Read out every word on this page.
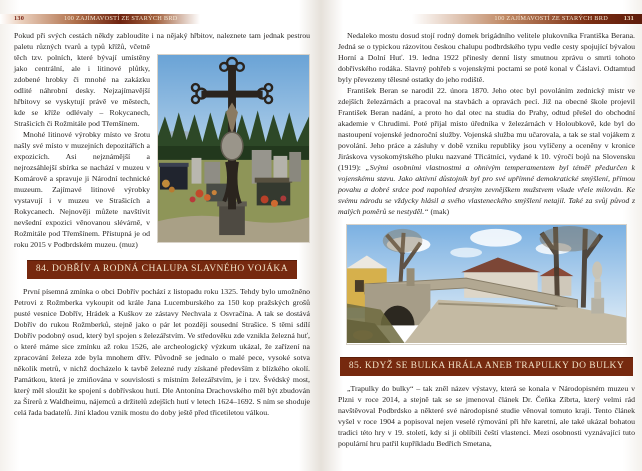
130	100 ZAJÍMAVOSTÍ ZE STARÝCH BRD

Pokud při svých cestách někdy zabloudíte i na nějaký hřbitov, naleznete tam jednak pestrou paletu různých tvarů a typů křížů, včetně těch tzv. polních, které bývají umístěny jako centrální, ale i litinové plůtky, zdobené hrobky či mnohé na zakázku odlité náhrobní desky. Nejzajímavější hřbitovy se vyskytují právě ve městech, kde se kříže odlévaly – Rokycanech, Strašicích či Rožmitále pod Třemšínem.

Mnohé litinové výrobky místo ve šrotu našly své místo v muzejních depozitářích a expozicích. Asi nejznámější a nejrozsáhlejší sbírka se nachází v muzeu v Komárově a spravuje ji Národní technické muzeum. Zajímavé litinové výrobky vystavují i v muzeu ve Strašicích a Rokycanech. Nejnověji můžete navštívit nevšední expozici věnovanou slévárně, v Rožmitále pod Třemšínem. Přístupná je od roku 2015 v Podbrdském muzeu. (muz)

84. DOBŘÍV A RODNÁ CHALUPA SLAVNÉHO VOJÁKA

První písemná zmínka o obci Dobřív pochází z listopadu roku 1325. Tehdy bylo umožněno Petrovi z Rožmberka vykoupit od krále Jana Lucemburského za 150 kop pražských grošů pusté vesnice Dobřív, Hrádek a Kuškov ze zástavy Nechvala z Osvračína. A tak se dostává Dobřív do rukou Rožmberků, stejně jako o pár let později sousední Strašice. S těmi sdílí Dobřív podobný osud, který byl spojen s železářstvím. Ve středověku zde vznikla železná huť, o které máme sice zmínku až roku 1526, ale archeologický výzkum ukázal, že zařízení na zpracování železa zde byla mnohem dřív. Původně se jednalo o malé pece, vysoké sotva několik metrů, v nichž docházelo k tavbě železné rudy získané především z blízkého okolí. Památkou, která je zmiňována v souvislosti s místním železářstvím, je i tzv. Švédský most, který měl sloužit ke spojení s dobřívskou hutí. Dle Antonína Drachovského měl být zbudován za Šírerů z Waldheimu, nájemců a držitelů zdejších hutí v letech 1624–1692. S ním se shoduje celá řada badatelů. Jiní kladou vznik mostu do doby ještě před třicetiletou válkou.

100 ZAJÍMAVOSTÍ ZE STARÝCH BRD	131

Nedaleko mostu dosud stojí rodný domek brigádního velitele plukovníka Františka Berana. Jedná se o typickou rázovitou českou chalupu podbrdského typu vedle cesty spojující bývalou Horní a Dolní Huť. 19. ledna 1922 přinesly denní listy smutnou zprávu o smrti tohoto dobřívského rodáka. Slavný pohřeb s vojenskými poctami se poté konal v Čáslavi. Odtamtud byly převezeny tělesné ostatky do jeho rodiště.

František Beran se narodil 22. února 1870. Jeho otec byl povoláním zednický mistr ve zdejších železárnách a pracoval na stavbách a opravách pecí. Již na obecné škole projevil František Beran nadání, a proto ho dal otec na studia do Prahy, odtud přešel do obchodní akademie v Chrudimi. Poté přijal místo úředníka v železárnách v Holoubkově, kde byl do nastoupení vojenské jednoroční služby. Vojenská služba mu učarovala, a tak se stal vojákem z povolání. Jeho práce a zásluhy v době vzniku republiky jsou vylíčeny a oceněny v kronice Jiráskova vysokomýtského pluku nazvané Třicátníci, vydané k 10. výročí bojů na Slovensku (1919): „Svými osobními vlastnostmi a ohnivým temperamentem byl téměř předurčen k vojenskému stavu. Jako aktivní důstojník byl pro své upřímné demokratické smýšlení, přímou povahu a dobré srdce pod napohled drsným zevnějškem mužstvem všude vřele milován. Ke svému národu se vždycky hlásil a svého vlasteneckého smýšlení netajil. Také za svůj původ z malých poměrů se nestyděl.“ (mak)

85. KDYŽ SE BULKA HRÁLA ANEB TRAPULKY DO BULKY

„Trapulky do bulky“ – tak zněl název výstavy, která se konala v Národopisném muzeu v Plzni v roce 2014, a stejně tak se se jmenoval článek Dr. Čeňka Zíbrta, který velmi rád navštěvoval Podbrdsko a některé své národopisné studie věnoval tomuto kraji. Tento článek vyšel v roce 1904 a popisoval nejen veselé rýmování při hře karetní, ale také ukázal bohatou tradici této hry v 19. století, kdy si ji oblíbili čeští vlastenci. Mezi osobnosti vyznávající tuto populární hru patřil kupříkladu Bedřich Smetana,
